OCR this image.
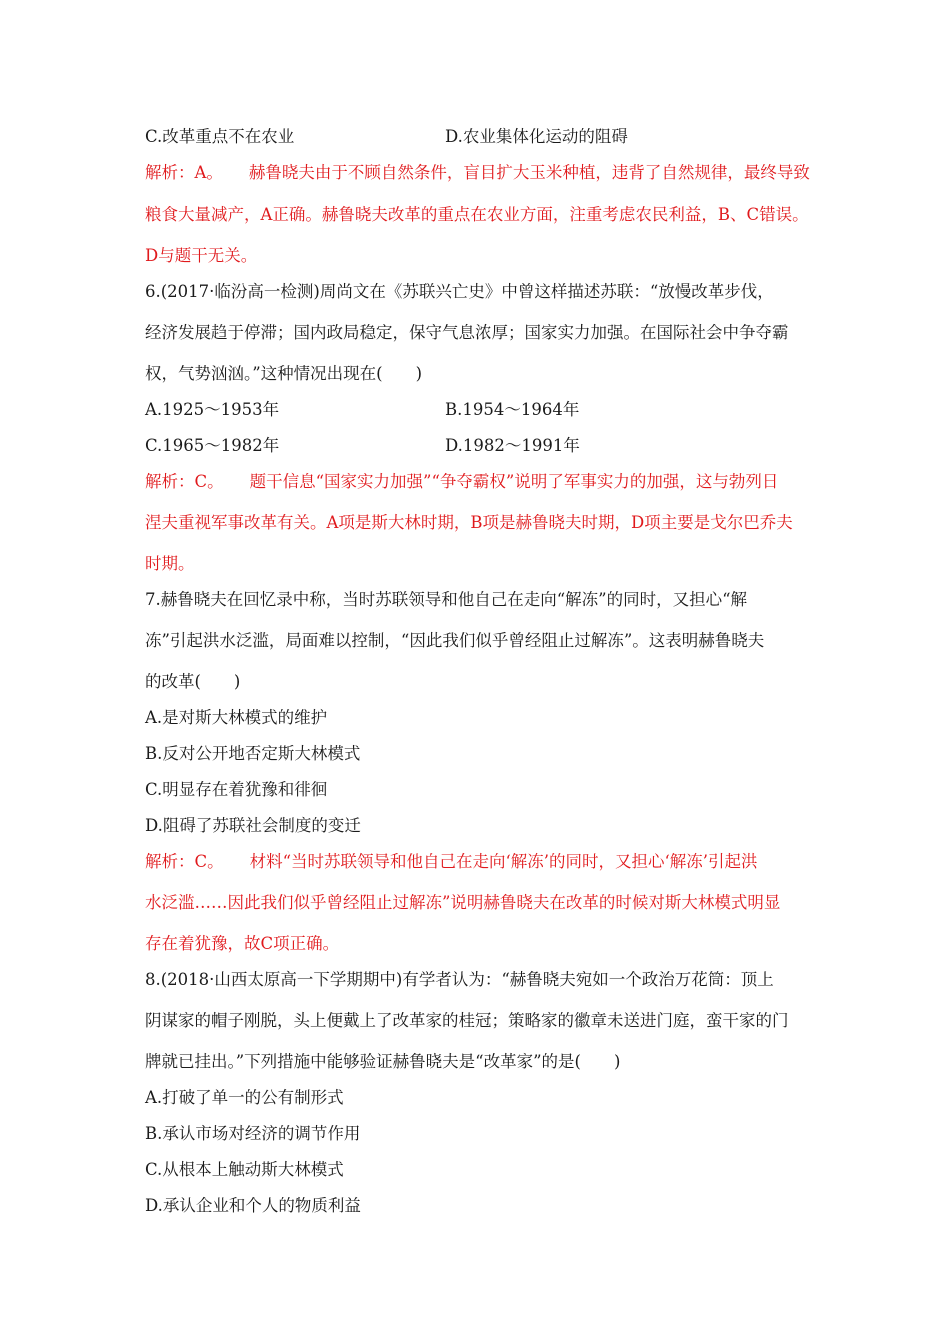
C.改革重点不在农业	D.农业集体化运动的阻碍
解析：A。 赫鲁晓夫由于不顾自然条件，盲目扩大玉米种植，违背了自然规律，最终导致
粮食大量减产，A正确。赫鲁晓夫改革的重点在农业方面，注重考虑农民利益，B、C错误。
D与题干无关。
6.(2017·临汾高一检测)周尚文在《苏联兴亡史》中曾这样描述苏联：“放慢改革步伐，
经济发展趋于停滞；国内政局稳定，保守气息浓厚；国家实力加强。在国际社会中争夺霸
权，气势汹汹。”这种情况出现在(　　)
A.1925～1953年	B.1954～1964年
C.1965～1982年	D.1982～1991年
解析：C。 题干信息“国家实力加强”“争夺霸权”说明了军事实力的加强，这与勃列日
涅夫重视军事改革有关。A项是斯大林时期，B项是赫鲁晓夫时期，D项主要是戈尔巴乔夫
时期。
7.赫鲁晓夫在回忆录中称，当时苏联领导和他自己在走向“解冻”的同时，又担心“解
冻”引起洪水泛滥，局面难以控制，“因此我们似乎曾经阻止过解冻”。这表明赫鲁晓夫
的改革(　　)
A.是对斯大林模式的维护
B.反对公开地否定斯大林模式
C.明显存在着犹豫和徘徊
D.阻碍了苏联社会制度的变迁
解析：C。 材料“当时苏联领导和他自己在走向‘解冻’的同时，又担心‘解冻’引起洪
水泛滥……因此我们似乎曾经阻止过解冻”说明赫鲁晓夫在改革的时候对斯大林模式明显
存在着犹豫，故C项正确。
8.(2018·山西太原高一下学期期中)有学者认为：“赫鲁晓夫宛如一个政治万花筒：顶上
阴谋家的帽子刚脱，头上便戴上了改革家的桂冠；策略家的徽章未送进门庭，蛮干家的门
牌就已挂出。”下列措施中能够验证赫鲁晓夫是“改革家”的是(　　)
A.打破了单一的公有制形式
B.承认市场对经济的调节作用
C.从根本上触动斯大林模式
D.承认企业和个人的物质利益
